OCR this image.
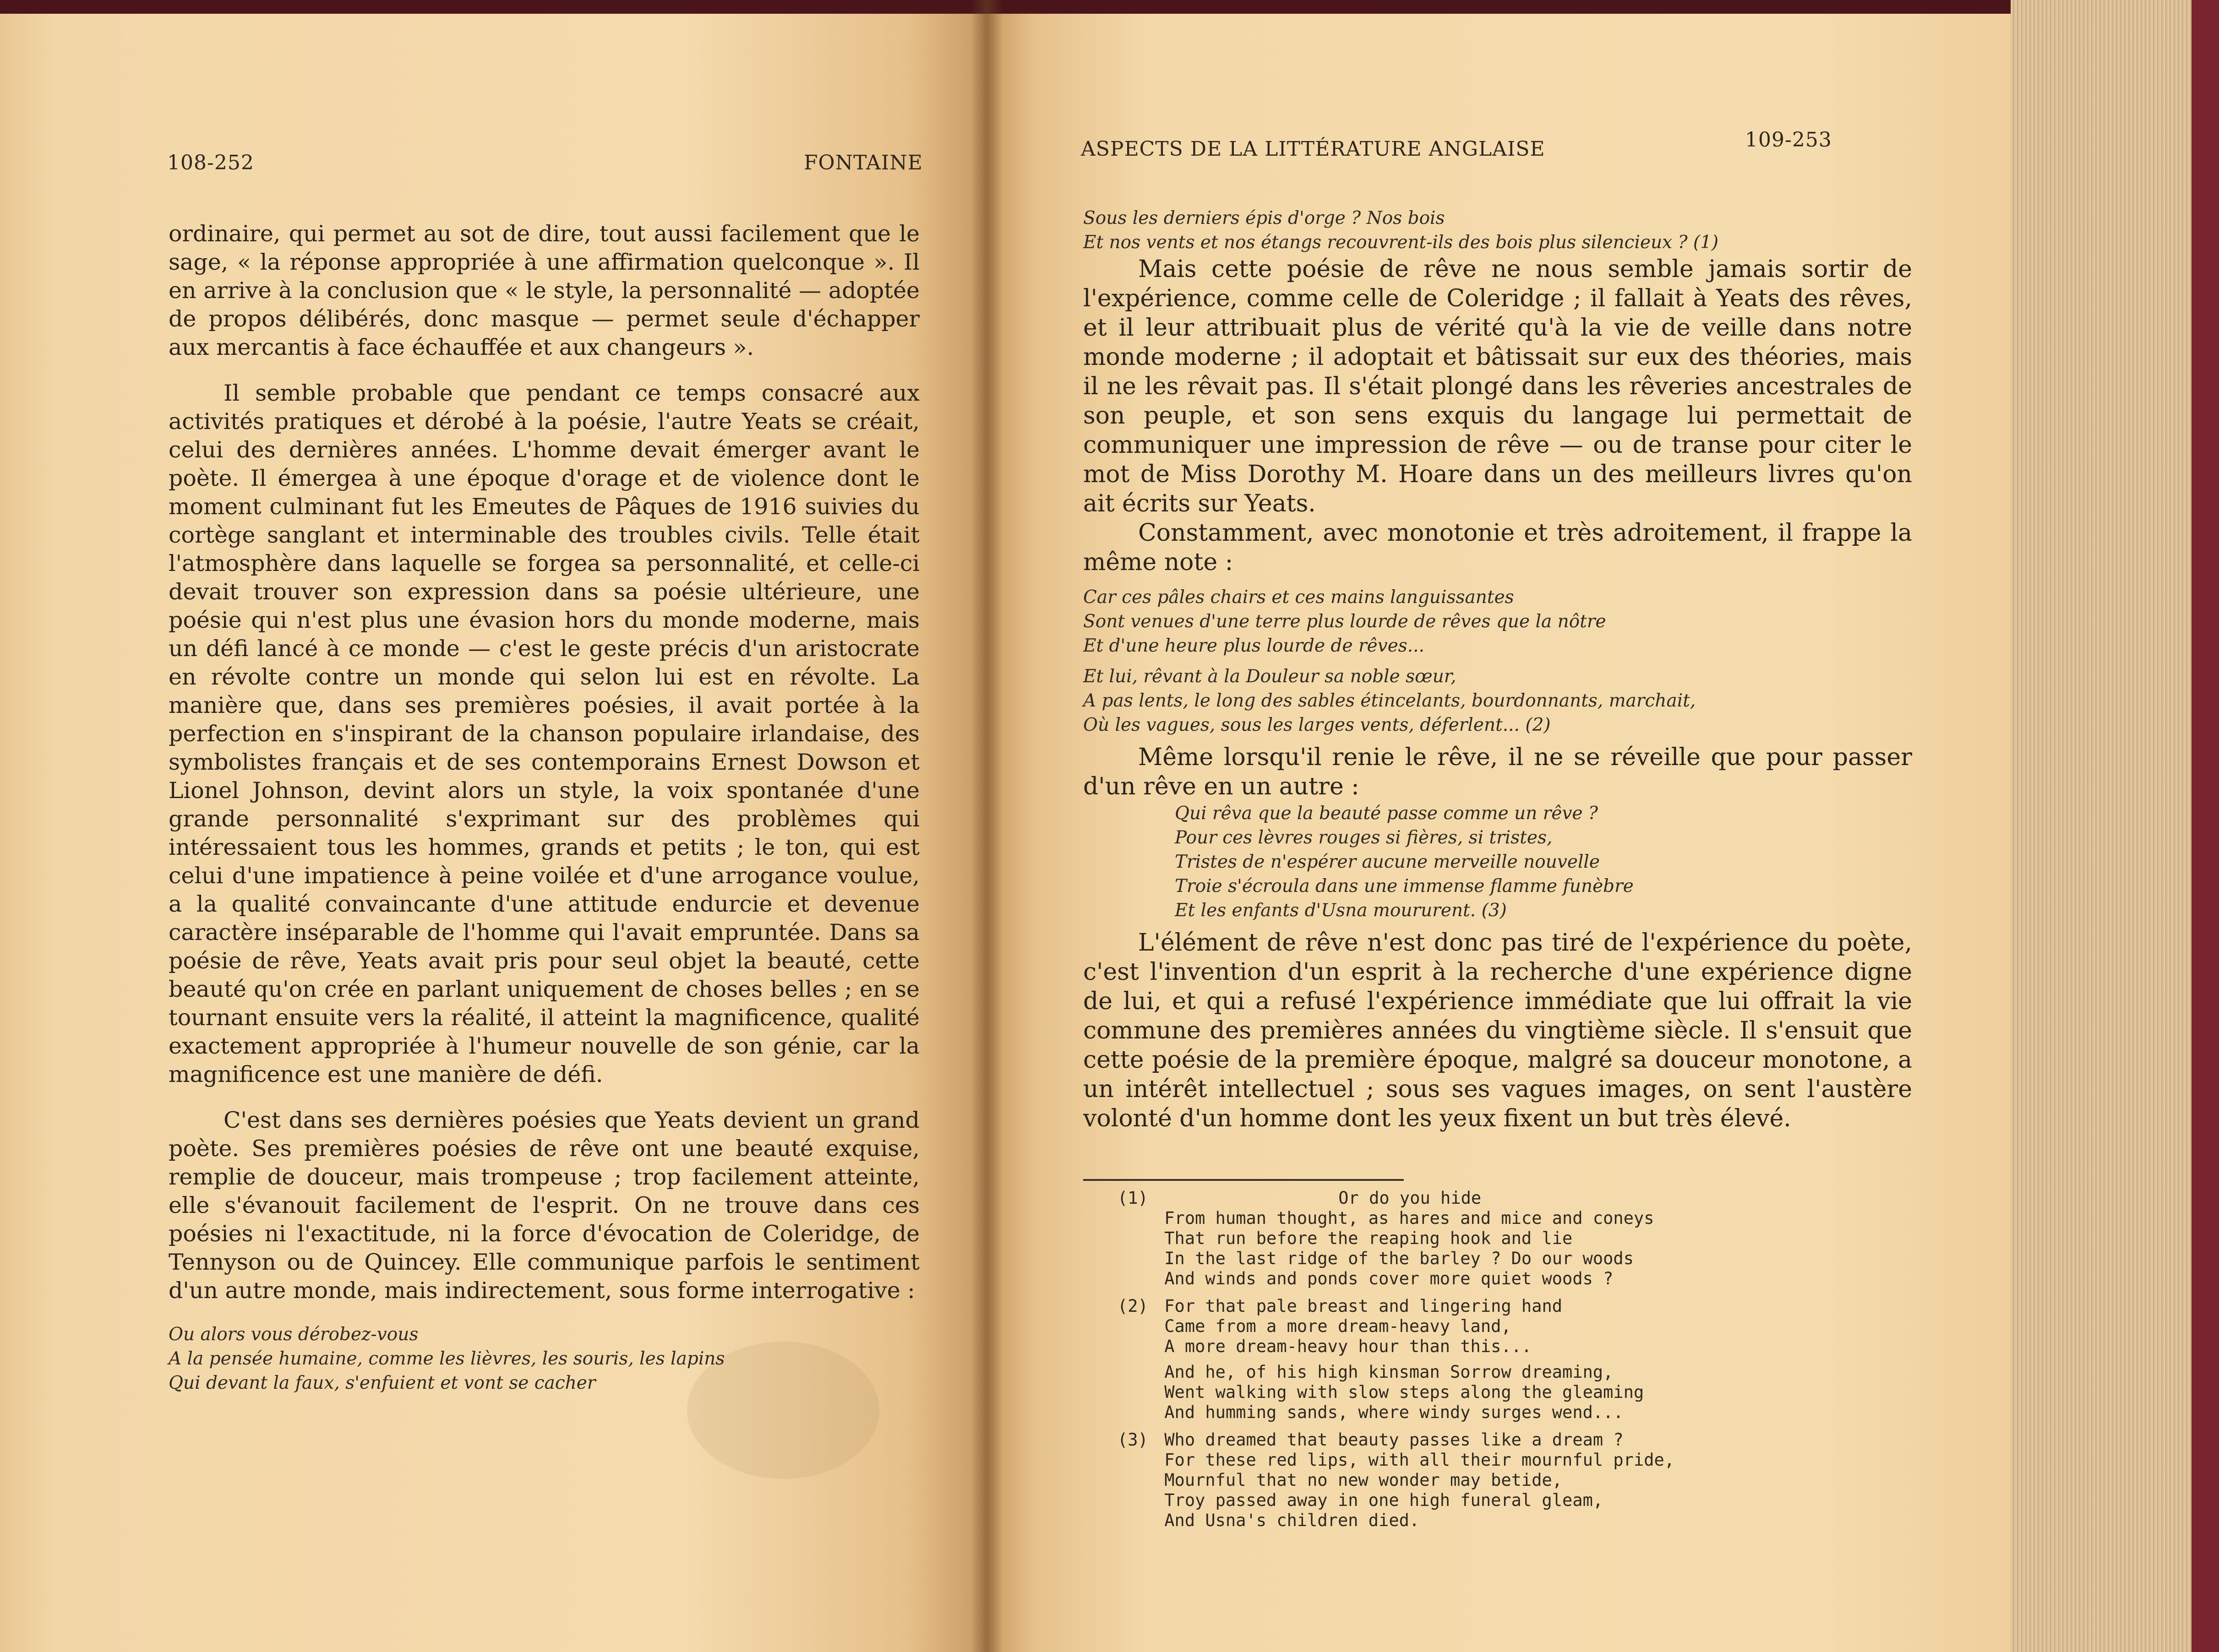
108-252	FONTAINE

ordinaire, qui permet au sot de dire, tout aussi facilement que le sage, « la réponse appropriée à une affirmation quelconque ». Il en arrive à la conclusion que « le style, la personnalité — adoptée de propos délibérés, donc masque — permet seule d'échapper aux mercantis à face échauffée et aux changeurs ».

Il semble probable que pendant ce temps consacré aux activités pratiques et dérobé à la poésie, l'autre Yeats se créait, celui des dernières années. L'homme devait émerger avant le poète. Il émergea à une époque d'orage et de violence dont le moment culminant fut les Emeutes de Pâques de 1916 suivies du cortège sanglant et interminable des troubles civils. Telle était l'atmosphère dans laquelle se forgea sa personnalité, et celle-ci devait trouver son expression dans sa poésie ultérieure, une poésie qui n'est plus une évasion hors du monde moderne, mais un défi lancé à ce monde — c'est le geste précis d'un aristocrate en révolte contre un monde qui selon lui est en révolte. La manière que, dans ses premières poésies, il avait portée à la perfection en s'inspirant de la chanson populaire irlandaise, des symbolistes français et de ses contemporains Ernest Dowson et Lionel Johnson, devint alors un style, la voix spontanée d'une grande personnalité s'exprimant sur des problèmes qui intéressaient tous les hommes, grands et petits ; le ton, qui est celui d'une impatience à peine voilée et d'une arrogance voulue, a la qualité convaincante d'une attitude endurcie et devenue caractère inséparable de l'homme qui l'avait empruntée. Dans sa poésie de rêve, Yeats avait pris pour seul objet la beauté, cette beauté qu'on crée en parlant uniquement de choses belles ; en se tournant ensuite vers la réalité, il atteint la magnificence, qualité exactement appropriée à l'humeur nouvelle de son génie, car la magnificence est une manière de défi.

C'est dans ses dernières poésies que Yeats devient un grand poète. Ses premières poésies de rêve ont une beauté exquise, remplie de douceur, mais trompeuse ; trop facilement atteinte, elle s'évanouit facilement de l'esprit. On ne trouve dans ces poésies ni l'exactitude, ni la force d'évocation de Coleridge, de Tennyson ou de Quincey. Elle communique parfois le sentiment d'un autre monde, mais indirectement, sous forme interrogative :

Ou alors vous dérobez-vous
A la pensée humaine, comme les lièvres, les souris, les lapins
Qui devant la faux, s'enfuient et vont se cacher
ASPECTS DE LA LITTÉRATURE ANGLAISE	109-253
Sous les derniers épis d'orge ? Nos bois
Et nos vents et nos étangs recouvrent-ils des bois plus silencieux ? (1)

Mais cette poésie de rêve ne nous semble jamais sortir de l'expérience, comme celle de Coleridge ; il fallait à Yeats des rêves, et il leur attribuait plus de vérité qu'à la vie de veille dans notre monde moderne ; il adoptait et bâtissait sur eux des théories, mais il ne les rêvait pas. Il s'était plongé dans les rêveries ancestrales de son peuple, et son sens exquis du langage lui permettait de communiquer une impression de rêve — ou de transe pour citer le mot de Miss Dorothy M. Hoare dans un des meilleurs livres qu'on ait écrits sur Yeats.

Constamment, avec monotonie et très adroitement, il frappe la même note :

Car ces pâles chairs et ces mains languissantes
Sont venues d'une terre plus lourde de rêves que la nôtre
Et d'une heure plus lourde de rêves...
Et lui, rêvant à la Douleur sa noble sœur,
A pas lents, le long des sables étincelants, bourdonnants, marchait,
Où les vagues, sous les larges vents, déferlent... (2)

Même lorsqu'il renie le rêve, il ne se réveille que pour passer d'un rêve en un autre :

Qui rêva que la beauté passe comme un rêve ?
Pour ces lèvres rouges si fières, si tristes,
Tristes de n'espérer aucune merveille nouvelle
Troie s'écroula dans une immense flamme funèbre
Et les enfants d'Usna moururent. (3)

L'élément de rêve n'est donc pas tiré de l'expérience du poète, c'est l'invention d'un esprit à la recherche d'une expérience digne de lui, et qui a refusé l'expérience immédiate que lui offrait la vie commune des premières années du vingtième siècle. Il s'ensuit que cette poésie de la première époque, malgré sa douceur monotone, a un intérêt intellectuel ; sous ses vagues images, on sent l'austère volonté d'un homme dont les yeux fixent un but très élevé.

(1)	Or do you hide
From human thought, as hares and mice and coneys
That run before the reaping hook and lie
In the last ridge of the barley ? Do our woods
And winds and ponds cover more quiet woods ?
(2) For that pale breast and lingering hand
Came from a more dream-heavy land,
A more dream-heavy hour than this...
And he, of his high kinsman Sorrow dreaming,
Went walking with slow steps along the gleaming
And humming sands, where windy surges wend...
(3) Who dreamed that beauty passes like a dream ?
For these red lips, with all their mournful pride,
Mournful that no new wonder may betide,
Troy passed away in one high funeral gleam,
And Usna's children died.
